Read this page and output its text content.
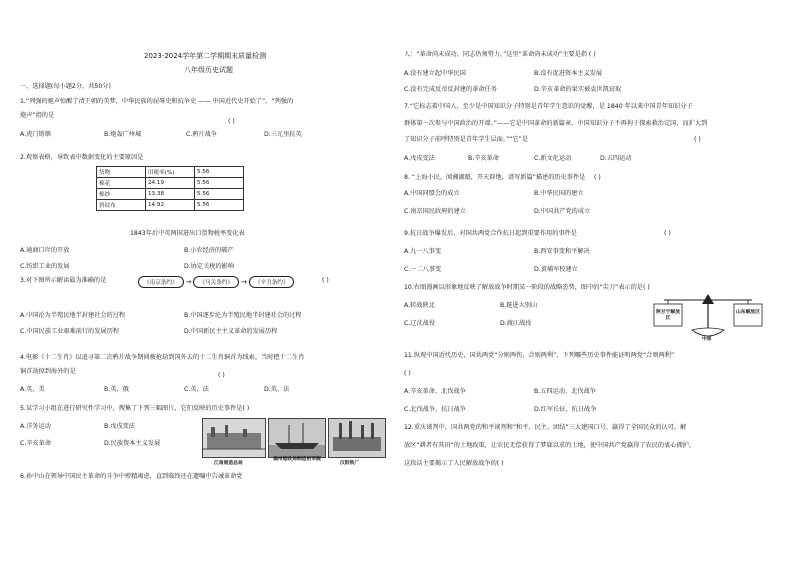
2023-2024学年第二学期期末质量检测
八年级历史试题
一、选择题(每小题2分，共50分)
1.“列强的炮声惊醒了清王朝的美梦，中华民族的屈辱史和抗争史 —— 中国近代史开始了”。“列强的
炮声”指的是
( )
A.虎门销烟	B.炮轰广州城	C.鸦片战争	D.三元里抗英
2.观察表格，导致表中数据变化的主要原因是
货物	旧税率(%)	5.56
棉花	24.19	5.56
棉纱	13.38	5.56
斜纹布	14.92	5.56
1843年后中英两国进出口货物税率变化表
A.通商口岸的开放	B.小农经济的破产
C.纺织工业的发展	D.协定关税的影响
3.对下图所示解读最为准确的是	《南京条约》	→	《马关条约》	→	《辛丑条约》	( )
A.中国沦为半殖民地半封建社会的过程	B.中国逐步沦为半殖民地半封建社会的过程
C.中国民族工业艰难前行的发展历程	D.中国新民主主义革命的发展历程
4.电影《十二生肖》以追寻第二次鸦片战争期间被抢劫到国外去的十二生肖铜首为线索。当时把十二生肖
铜首劫掠到海外的是
( )
A.英、美	B.英、俄	C.英、法	D.英、法
5.某学习小组在进行研究性学习中，搜集了下列三幅图片，它们反映的历史事件是( )
A.洋务运动	B.戊戌变法
C.辛亥革命	D.民族资本主义发展
江南制造总局
福州船政局制造的军舰
汉阳铁厂
6.孙中山在领导中国民主革命的斗争中殚精竭虑，直到临终还在遗嘱中告诫革命党
人：“革命尚未成功，同志仍须努力。”这里“革命尚未成功”主要是指 ( )
A.没有建立起中华民国	B.没有促进资本主义发展
C.没有完成反帝反封建的革命任务	D.辛亥革命的果实被袁世凯窃取
7.“它标志着中国人，至少是中国知识分子特别是青年学生意识的觉醒，是 1840 年以来中国青年知识分子
群体第一次参与中国政治的开端。”——它是中国革命的新篇章，中国知识分子不再拘于探索救治定国，而扩大到
了知识分子前呼特别是青年学生层面。”“它”是	( )
A.戊戌变法	B.辛亥革命	C.新文化运动	D.五四运动
8. “上海小民，闻湘湖船，开天辟地，谱写新篇”描述的历史事件是 ( )
A.中国同盟会的成立	B.中华民国的建立
C.南京国民政府的建立	D.中国共产党的成立
9.抗日战争爆发后，对国共两党合作抗日起到重要作用的事件是	( )
A.九一八事变	B.西安事变和平解决
C.一二八事变	D.黄埔军校建立
10.右图漫画以形象地反映了解放战争时期某一阶段的战略态势，图中的“尖刀”表示的是( )
A.转战陕北	B.挺进大别山
C.辽沈战役	D.渡江战役
陕甘宁解放区
山东解放区
中原
11.纵观中国近代历史，国共两党“分则两伤，合则两利”，下列哪些历史事件能证明两党“合则两利”
( )
A.辛亥革命、北伐战争	B.五四运动、北伐战争
C.北伐战争、抗日战争	D.红军长征、抗日战争
12.重庆谈判中，国共两党的和平谈判和“和平、民主、团结”三大建国口号，赢得了全国民众的认可。解
放区“耕者有其田”的土地政策，让农民无偿获得了梦寐以求的土地，使中国共产党赢得了农民的衷心拥护。
这段话主要揭示了人民解放战争的( )
